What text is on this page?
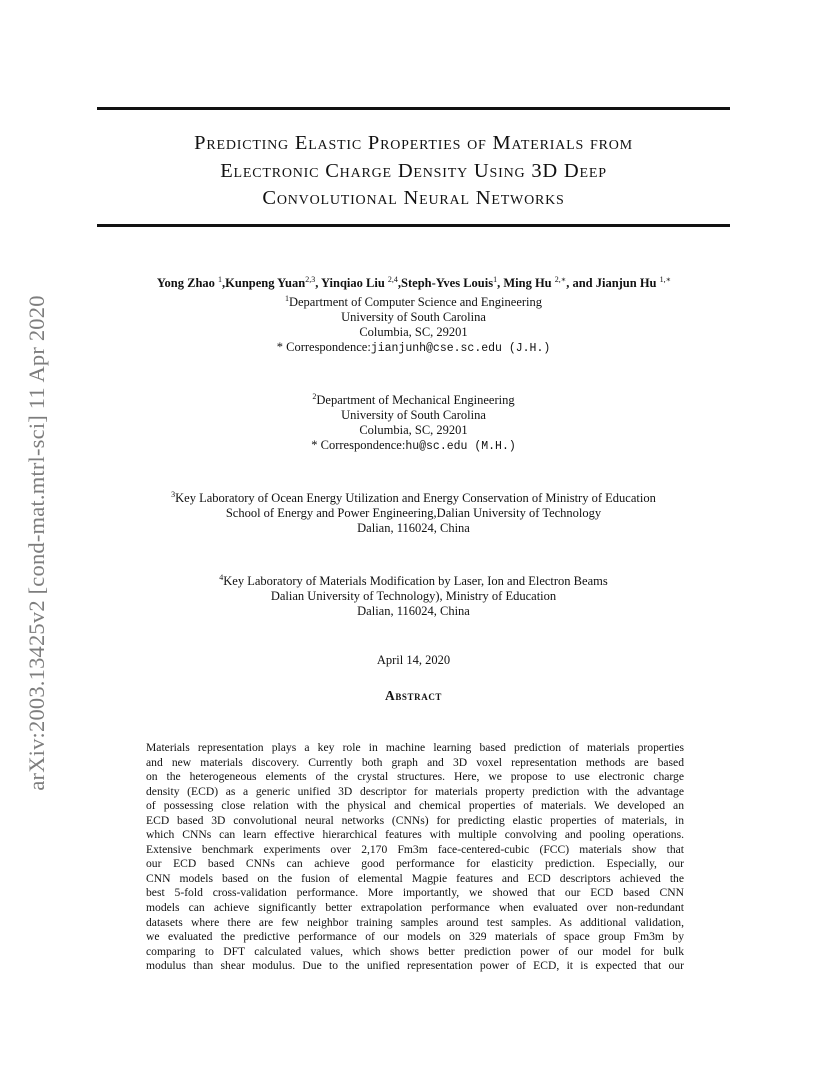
arXiv:2003.13425v2 [cond-mat.mtrl-sci] 11 Apr 2020
Predicting Elastic Properties of Materials from
Electronic Charge Density Using 3D Deep
Convolutional Neural Networks
Yong Zhao $^1$,Kunpeng Yuan$^{2,3}$, Yinqiao Liu $^{2,4}$,Steph-Yves Louis$^1$, Ming Hu $^{2,∗}$, and Jianjun Hu $^{1,∗}$
$^1$Department of Computer Science and Engineering
University of South Carolina
Columbia, SC, 29201
* Correspondence:jianjunh@cse.sc.edu (J.H.)
$^2$Department of Mechanical Engineering
University of South Carolina
Columbia, SC, 29201
* Correspondence:hu@sc.edu (M.H.)
$^3$Key Laboratory of Ocean Energy Utilization and Energy Conservation of Ministry of Education
School of Energy and Power Engineering,Dalian University of Technology
Dalian, 116024, China
$^4$Key Laboratory of Materials Modification by Laser, Ion and Electron Beams
Dalian University of Technology), Ministry of Education
Dalian, 116024, China
April 14, 2020
Abstract
Materials representation plays a key role in machine learning based prediction of materials properties
and new materials discovery. Currently both graph and 3D voxel representation methods are based
on the heterogeneous elements of the crystal structures. Here, we propose to use electronic charge
density (ECD) as a generic unified 3D descriptor for materials property prediction with the advantage
of possessing close relation with the physical and chemical properties of materials. We developed an
ECD based 3D convolutional neural networks (CNNs) for predicting elastic properties of materials, in
which CNNs can learn effective hierarchical features with multiple convolving and pooling operations.
Extensive benchmark experiments over 2,170 Fm3m face-centered-cubic (FCC) materials show that
our ECD based CNNs can achieve good performance for elasticity prediction. Especially, our
CNN models based on the fusion of elemental Magpie features and ECD descriptors achieved the
best 5-fold cross-validation performance. More importantly, we showed that our ECD based CNN
models can achieve significantly better extrapolation performance when evaluated over non-redundant
datasets where there are few neighbor training samples around test samples. As additional validation,
we evaluated the predictive performance of our models on 329 materials of space group Fm3m by
comparing to DFT calculated values, which shows better prediction power of our model for bulk
modulus than shear modulus. Due to the unified representation power of ECD, it is expected that our
